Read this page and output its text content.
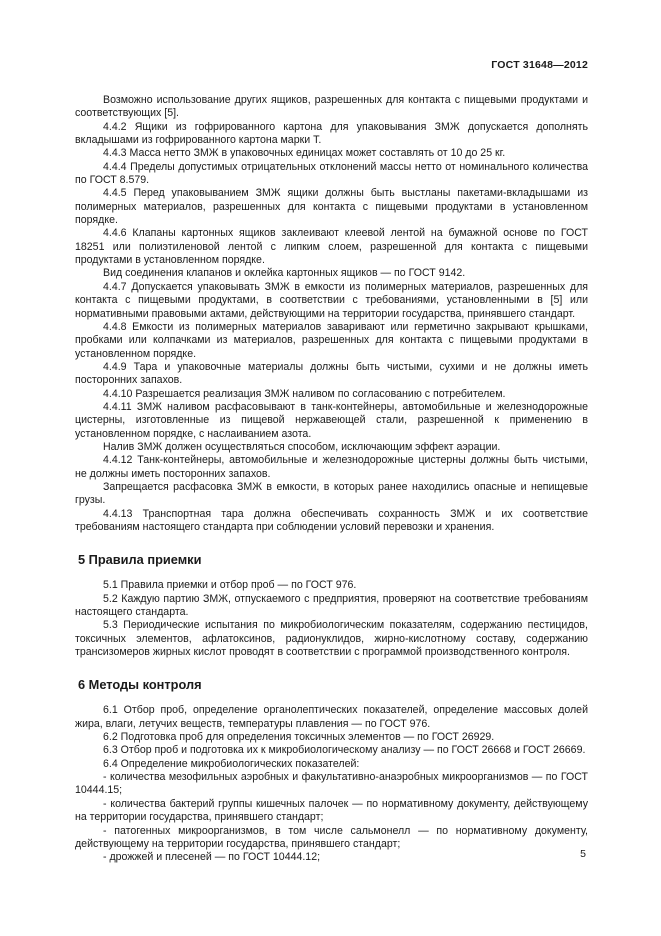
ГОСТ 31648—2012

Возможно использование других ящиков, разрешенных для контакта с пищевыми продуктами и соответствующих [5].

4.4.2 Ящики из гофрированного картона для упаковывания ЗМЖ допускается дополнять вкладышами из гофрированного картона марки Т.

4.4.3 Масса нетто ЗМЖ в упаковочных единицах может составлять от 10 до 25 кг.

4.4.4 Пределы допустимых отрицательных отклонений массы нетто от номинального количества по ГОСТ 8.579.

4.4.5 Перед упаковыванием ЗМЖ ящики должны быть выстланы пакетами-вкладышами из полимерных материалов, разрешенных для контакта с пищевыми продуктами в установленном порядке.

4.4.6 Клапаны картонных ящиков заклеивают клеевой лентой на бумажной основе по ГОСТ 18251 или полиэтиленовой лентой с липким слоем, разрешенной для контакта с пищевыми продуктами в установленном порядке.

Вид соединения клапанов и оклейка картонных ящиков — по ГОСТ 9142.

4.4.7 Допускается упаковывать ЗМЖ в емкости из полимерных материалов, разрешенных для контакта с пищевыми продуктами, в соответствии с требованиями, установленными в [5] или нормативными правовыми актами, действующими на территории государства, принявшего стандарт.

4.4.8 Емкости из полимерных материалов заваривают или герметично закрывают крышками, пробками или колпачками из материалов, разрешенных для контакта с пищевыми продуктами в установленном порядке.

4.4.9 Тара и упаковочные материалы должны быть чистыми, сухими и не должны иметь посторонних запахов.

4.4.10 Разрешается реализация ЗМЖ наливом по согласованию с потребителем.

4.4.11 ЗМЖ наливом расфасовывают в танк-контейнеры, автомобильные и железнодорожные цистерны, изготовленные из пищевой нержавеющей стали, разрешенной к применению в установленном порядке, с наслаиванием азота.

Налив ЗМЖ должен осуществляться способом, исключающим эффект аэрации.

4.4.12 Танк-контейнеры, автомобильные и железнодорожные цистерны должны быть чистыми, не должны иметь посторонних запахов.

Запрещается расфасовка ЗМЖ в емкости, в которых ранее находились опасные и непищевые грузы.

4.4.13 Транспортная тара должна обеспечивать сохранность ЗМЖ и их соответствие требованиям настоящего стандарта при соблюдении условий перевозки и хранения.

5 Правила приемки

5.1 Правила приемки и отбор проб — по ГОСТ 976.

5.2 Каждую партию ЗМЖ, отпускаемого с предприятия, проверяют на соответствие требованиям настоящего стандарта.

5.3 Периодические испытания по микробиологическим показателям, содержанию пестицидов, токсичных элементов, афлатоксинов, радионуклидов, жирно-кислотному составу, содержанию трансизомеров жирных кислот проводят в соответствии с программой производственного контроля.

6 Методы контроля

6.1 Отбор проб, определение органолептических показателей, определение массовых долей жира, влаги, летучих веществ, температуры плавления — по ГОСТ 976.

6.2 Подготовка проб для определения токсичных элементов — по ГОСТ 26929.

6.3 Отбор проб и подготовка их к микробиологическому анализу — по ГОСТ 26668 и ГОСТ 26669.

6.4 Определение микробиологических показателей:

- количества мезофильных аэробных и факультативно-анаэробных микроорганизмов — по ГОСТ 10444.15;

- количества бактерий группы кишечных палочек — по нормативному документу, действующему на территории государства, принявшего стандарт;

- патогенных микроорганизмов, в том числе сальмонелл — по нормативному документу, действующему на территории государства, принявшего стандарт;

- дрожжей и плесеней — по ГОСТ 10444.12;	5
